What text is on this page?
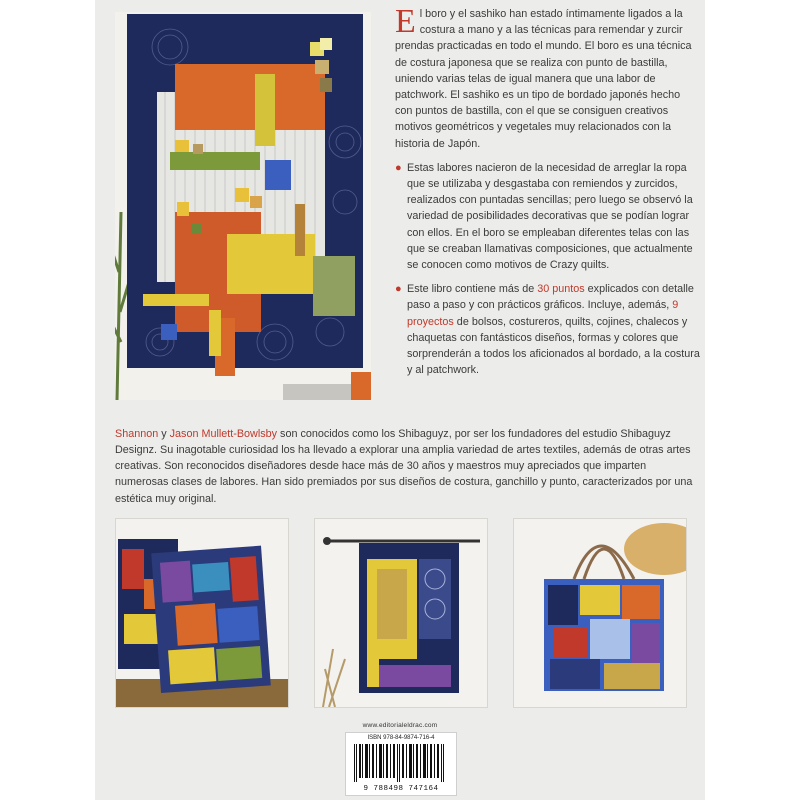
El boro y el sashiko han estado íntimamente ligados a la costura a mano y a las técnicas para remendar y zurcir prendas practicadas en todo el mundo. El boro es una técnica de costura japonesa que se realiza con punto de bastilla, uniendo varias telas de igual manera que una labor de patchwork. El sashiko es un tipo de bordado japonés hecho con puntos de bastilla, con el que se consiguen creativos motivos geométricos y vegetales muy relacionados con la historia de Japón.

● Estas labores nacieron de la necesidad de arreglar la ropa que se utilizaba y desgastaba con remiendos y zurcidos, realizados con puntadas sencillas; pero luego se observó la variedad de posibilidades decorativas que se podían lograr con ellos. En el boro se empleaban diferentes telas con las que se creaban llamativas composiciones, que actualmente se conocen como motivos de Crazy quilts.

● Este libro contiene más de 30 puntos explicados con detalle paso a paso y con prácticos gráficos. Incluye, además, 9 proyectos de bolsos, costureros, quilts, cojines, chalecos y chaquetas con fantásticos diseños, formas y colores que sorprenderán a todos los aficionados al bordado, a la costura y al patchwork.

Shannon y Jason Mullett-Bowlsby son conocidos como los Shibaguyz, por ser los fundadores del estudio Shibaguyz Designz. Su inagotable curiosidad los ha llevado a explorar una amplia variedad de artes textiles, además de otras artes creativas. Son reconocidos diseñadores desde hace más de 30 años y maestros muy apreciados que imparten numerosas clases de labores. Han sido premiados por sus diseños de costura, ganchillo y punto, caracterizados por una estética muy original.

www.editorialeldrac.com
ISBN 978-84-9874-716-4
9 788498 747164
